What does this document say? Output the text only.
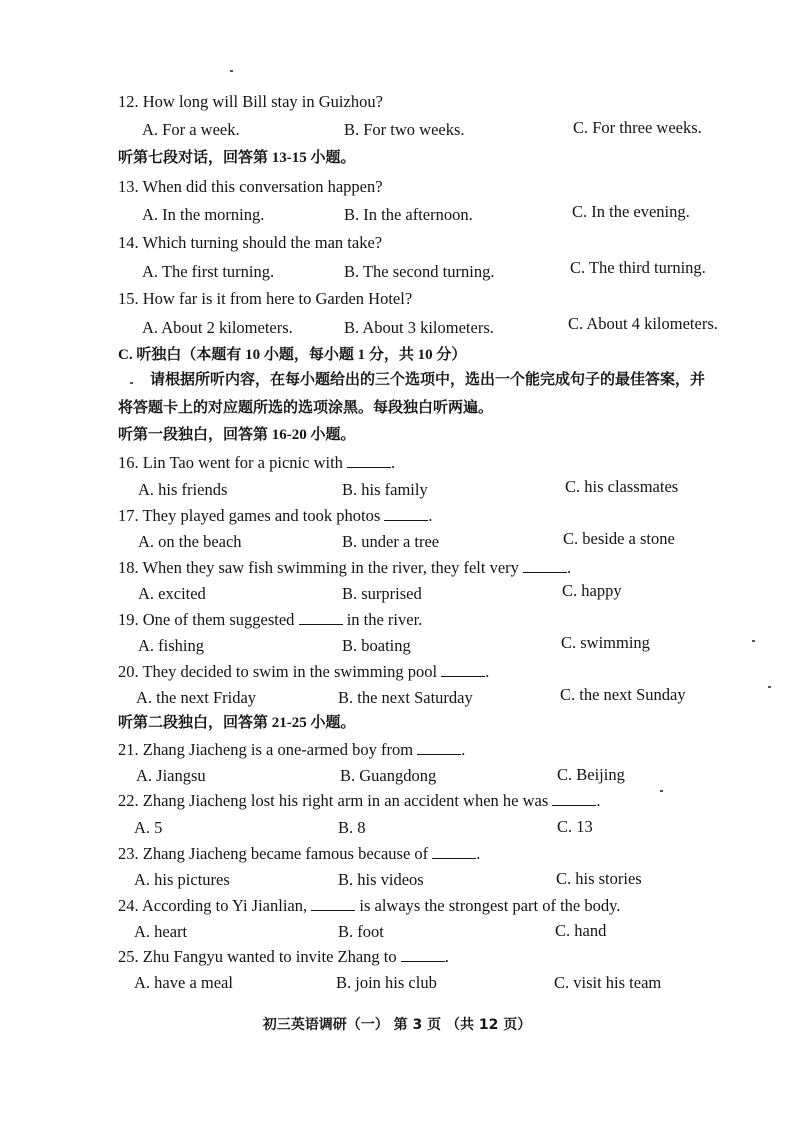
12. How long will Bill stay in Guizhou?
A. For a week.	B. For two weeks.	C. For three weeks.
听第七段对话，回答第 13-15 小题。
13. When did this conversation happen?
A. In the morning.	B. In the afternoon.	C. In the evening.
14. Which turning should the man take?
A. The first turning.	B. The second turning.	C. The third turning.
15. How far is it from here to Garden Hotel?
A. About 2 kilometers.	B. About 3 kilometers.	C. About 4 kilometers.
C. 听独白（本题有 10 小题，每小题 1 分，共 10 分）
请根据所听内容，在每小题给出的三个选项中，选出一个能完成句子的最佳答案，并
将答题卡上的对应题所选的选项涂黑。每段独白听两遍。
听第一段独白，回答第 16-20 小题。
16. Lin Tao went for a picnic with	.
A. his friends	B. his family	C. his classmates
17. They played games and took photos	.
A. on the beach	B. under a tree	C. beside a stone
18. When they saw fish swimming in the river, they felt very	.
A. excited	B. surprised	C. happy
19. One of them suggested	in the river.
A. fishing	B. boating	C. swimming
20. They decided to swim in the swimming pool	.
A. the next Friday	B. the next Saturday	C. the next Sunday
听第二段独白，回答第 21-25 小题。
21. Zhang Jiacheng is a one-armed boy from	.
A. Jiangsu	B. Guangdong	C. Beijing
22. Zhang Jiacheng lost his right arm in an accident when he was	.
A. 5	B. 8	C. 13
23. Zhang Jiacheng became famous because of	.
A. his pictures	B. his videos	C. his stories
24. According to Yi Jianlian,	is always the strongest part of the body.
A. heart	B. foot	C. hand
25. Zhu Fangyu wanted to invite Zhang to	.
A. have a meal	B. join his club	C. visit his team
初三英语调研（一） 第 3 页 （共 12 页）
